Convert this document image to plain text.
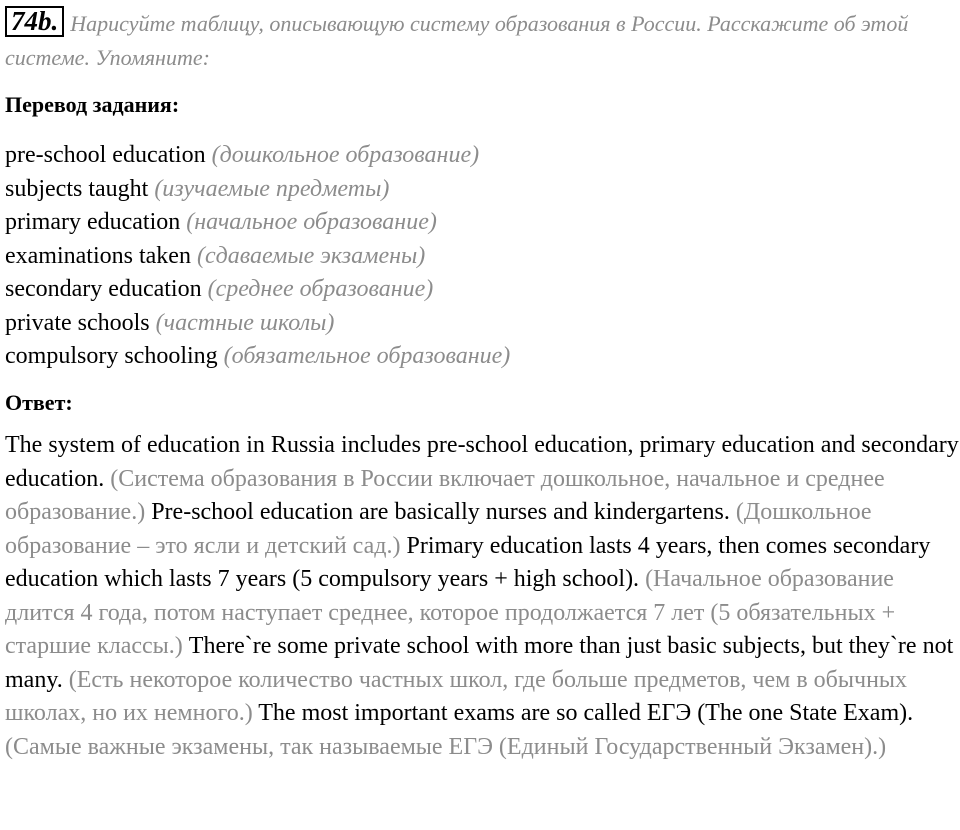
74b. Нарисуйте таблицу, описывающую систему образования в России. Расскажите об этой системе. Упомяните:
Перевод задания:
pre-school education (дошкольное образование)
subjects taught (изучаемые предметы)
primary education (начальное образование)
examinations taken (сдаваемые экзамены)
secondary education (среднее образование)
private schools (частные школы)
compulsory schooling (обязательное образование)
Ответ:
The system of education in Russia includes pre-school education, primary education and secondary education. (Система образования в России включает дошкольное, начальное и среднее образование.) Pre-school education are basically nurses and kindergartens. (Дошкольное образование – это ясли и детский сад.) Primary education lasts 4 years, then comes secondary education which lasts 7 years (5 compulsory years + high school). (Начальное образование длится 4 года, потом наступает среднее, которое продолжается 7 лет (5 обязательных + старшие классы.) There`re some private school with more than just basic subjects, but they`re not many. (Есть некоторое количество частных школ, где больше предметов, чем в обычных школах, но их немного.) The most important exams are so called ЕГЭ (The one State Exam). (Самые важные экзамены, так называемые ЕГЭ (Единый Государственный Экзамен).)
